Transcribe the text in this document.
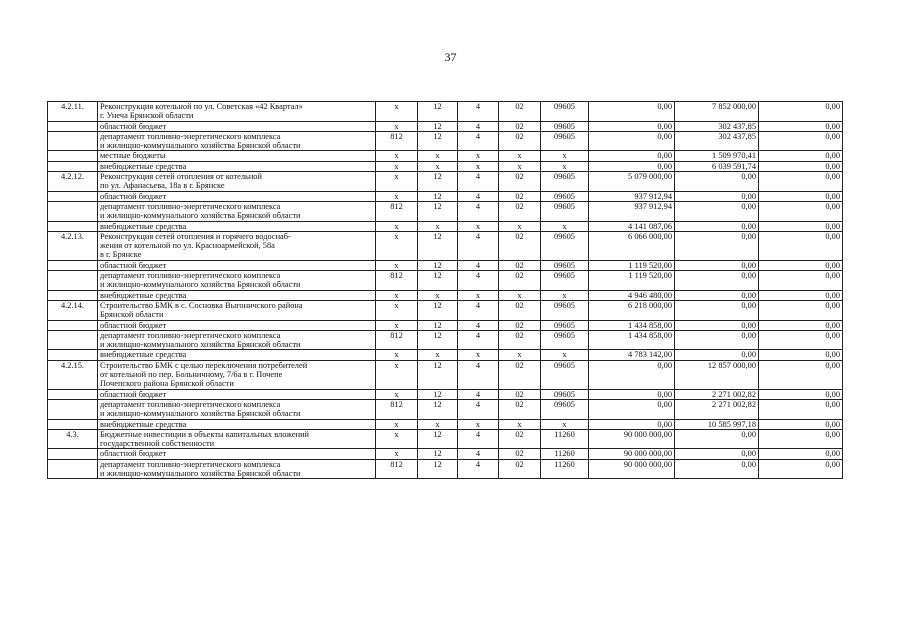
37
4.2.11.	Реконструкция котельной по ул. Советская «42 Квартал»
г. Унеча Брянской области	x	12	4	02	09605	0,00	7 852 000,00	0,00
	областной бюджет	x	12	4	02	09605	0,00	302 437,85	0,00
	департамент топливно-энергетического комплекса
и жилищно-коммунального хозяйства Брянской области	812	12	4	02	09605	0,00	302 437,85	0,00
	местные бюджеты	x	x	x	x	x	0,00	1 509 970,41	0,00
	внебюджетные средства	x	x	x	x	x	0,00	6 039 591,74	0,00
4.2.12.	Реконструкция сетей отопления от котельной
по ул. Афанасьева, 18а в г. Брянске	x	12	4	02	09605	5 079 000,00	0,00	0,00
	областной бюджет	x	12	4	02	09605	937 912,94	0,00	0,00
	департамент топливно-энергетического комплекса
и жилищно-коммунального хозяйства Брянской области	812	12	4	02	09605	937 912,94	0,00	0,00
	внебюджетные средства	x	x	x	x	x	4 141 087,06	0,00	0,00
4.2.13.	Реконструкция сетей отопления и горячего водоснаб-
жения от котельной по ул. Красноармейской, 58а
в г. Брянске	x	12	4	02	09605	6 066 000,00	0,00	0,00
	областной бюджет	x	12	4	02	09605	1 119 520,00	0,00	0,00
	департамент топливно-энергетического комплекса
и жилищно-коммунального хозяйства Брянской области	812	12	4	02	09605	1 119 520,00	0,00	0,00
	внебюджетные средства	x	x	x	x	x	4 946 480,00	0,00	0,00
4.2.14.	Строительство БМК в с. Сосновка Выгоничского района
Брянской области	x	12	4	02	09605	6 218 000,00	0,00	0,00
	областной бюджет	x	12	4	02	09605	1 434 858,00	0,00	0,00
	департамент топливно-энергетического комплекса
и жилищно-коммунального хозяйства Брянской области	812	12	4	02	09605	1 434 858,00	0,00	0,00
	внебюджетные средства	x	x	x	x	x	4 783 142,00	0,00	0,00
4.2.15.	Строительство БМК с целью переключения потребителей
от котельной по пер. Больничному, 7/6а в г. Почепе
Почепского района Брянской области	x	12	4	02	09605	0,00	12 857 000,00	0,00
	областной бюджет	x	12	4	02	09605	0,00	2 271 002,82	0,00
	департамент топливно-энергетического комплекса
и жилищно-коммунального хозяйства Брянской области	812	12	4	02	09605	0,00	2 271 002,82	0,00
	внебюджетные средства	x	x	x	x	x	0,00	10 585 997,18	0,00
4.3.	Бюджетные инвестиции в объекты капитальных вложений
государственной собственности	x	12	4	02	11260	90 000 000,00	0,00	0,00
	областной бюджет	x	12	4	02	11260	90 000 000,00	0,00	0,00
	департамент топливно-энергетического комплекса
и жилищно-коммунального хозяйства Брянской области	812	12	4	02	11260	90 000 000,00	0,00	0,00
